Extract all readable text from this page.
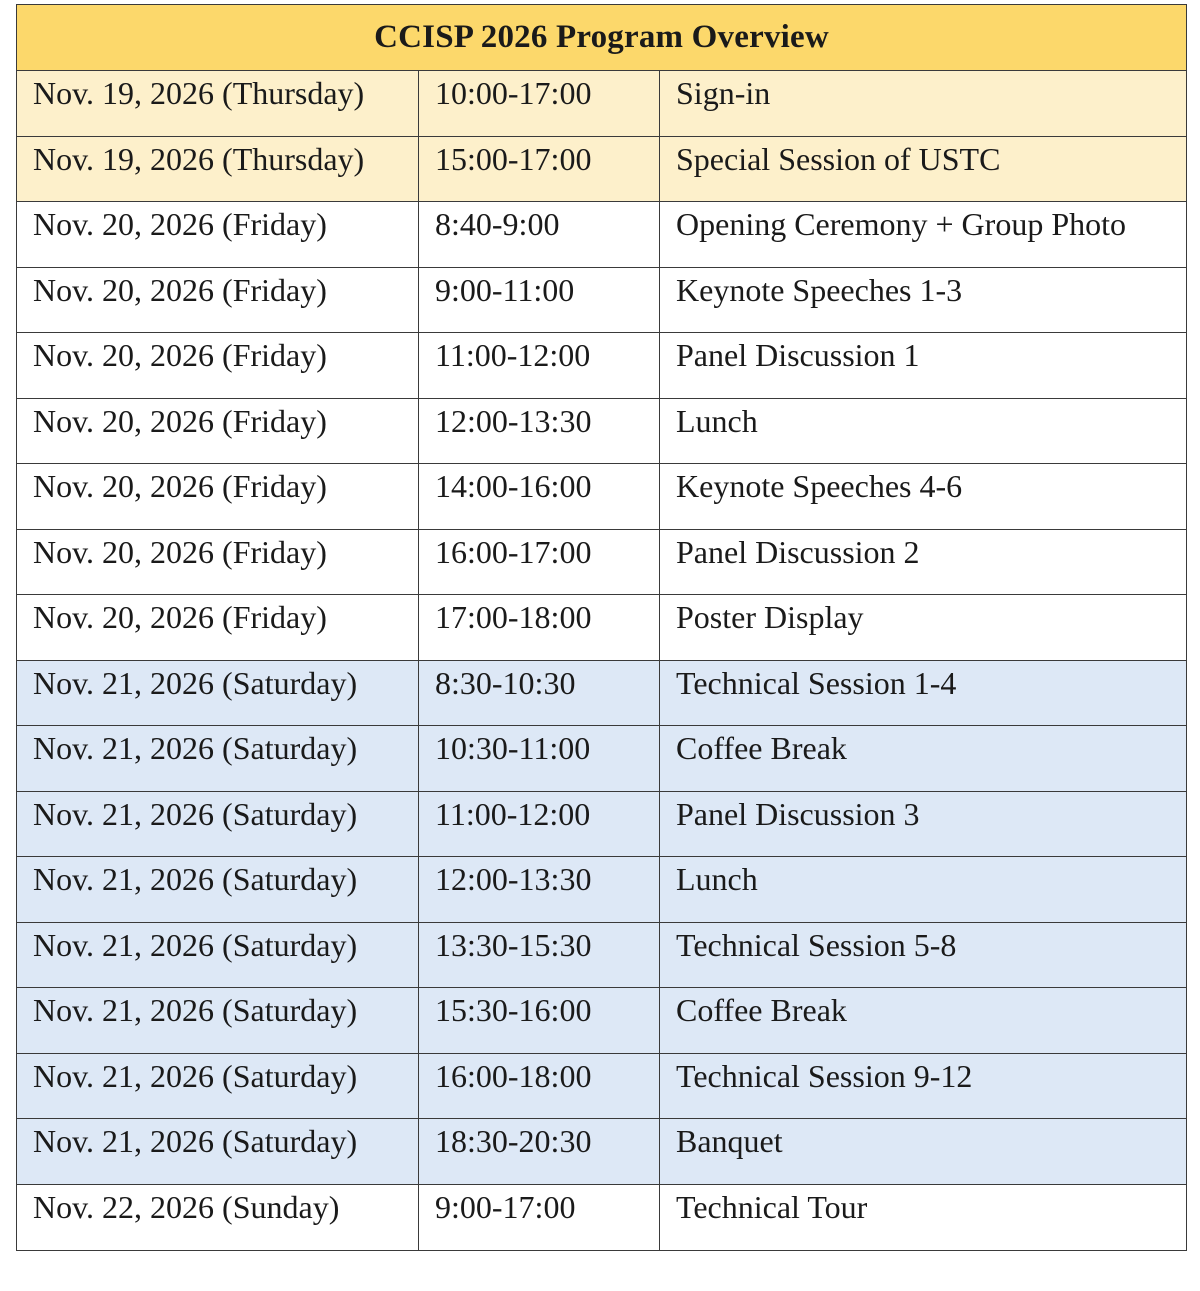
CCISP 2026 Program Overview
Nov. 19, 2026 (Thursday)	10:00-17:00	Sign-in
Nov. 19, 2026 (Thursday)	15:00-17:00	Special Session of USTC
Nov. 20, 2026 (Friday)	8:40-9:00	Opening Ceremony + Group Photo
Nov. 20, 2026 (Friday)	9:00-11:00	Keynote Speeches 1-3
Nov. 20, 2026 (Friday)	11:00-12:00	Panel Discussion 1
Nov. 20, 2026 (Friday)	12:00-13:30	Lunch
Nov. 20, 2026 (Friday)	14:00-16:00	Keynote Speeches 4-6
Nov. 20, 2026 (Friday)	16:00-17:00	Panel Discussion 2
Nov. 20, 2026 (Friday)	17:00-18:00	Poster Display
Nov. 21, 2026 (Saturday)	8:30-10:30	Technical Session 1-4
Nov. 21, 2026 (Saturday)	10:30-11:00	Coffee Break
Nov. 21, 2026 (Saturday)	11:00-12:00	Panel Discussion 3
Nov. 21, 2026 (Saturday)	12:00-13:30	Lunch
Nov. 21, 2026 (Saturday)	13:30-15:30	Technical Session 5-8
Nov. 21, 2026 (Saturday)	15:30-16:00	Coffee Break
Nov. 21, 2026 (Saturday)	16:00-18:00	Technical Session 9-12
Nov. 21, 2026 (Saturday)	18:30-20:30	Banquet
Nov. 22, 2026 (Sunday)	9:00-17:00	Technical Tour
